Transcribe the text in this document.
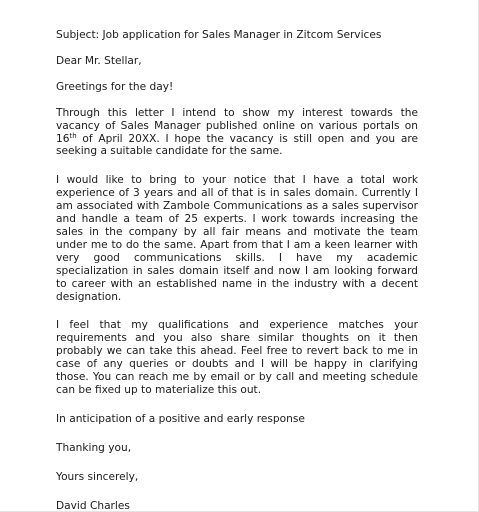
Subject: Job application for Sales Manager in Zitcom Services

Dear Mr. Stellar,

Greetings for the day!

Through this letter I intend to show my interest towards the vacancy of Sales Manager published online on various portals on 16th of April 20XX. I hope the vacancy is still open and you are seeking a suitable candidate for the same.

I would like to bring to your notice that I have a total work experience of 3 years and all of that is in sales domain. Currently I am associated with Zambole Communications as a sales supervisor and handle a team of 25 experts. I work towards increasing the sales in the company by all fair means and motivate the team under me to do the same. Apart from that I am a keen learner with very good communications skills. I have my academic specialization in sales domain itself and now I am looking forward to career with an established name in the industry with a decent designation.

I feel that my qualifications and experience matches your requirements and you also share similar thoughts on it then probably we can take this ahead. Feel free to revert back to me in case of any queries or doubts and I will be happy in clarifying those. You can reach me by email or by call and meeting schedule can be fixed up to materialize this out.

In anticipation of a positive and early response

Thanking you,

Yours sincerely,

David Charles
